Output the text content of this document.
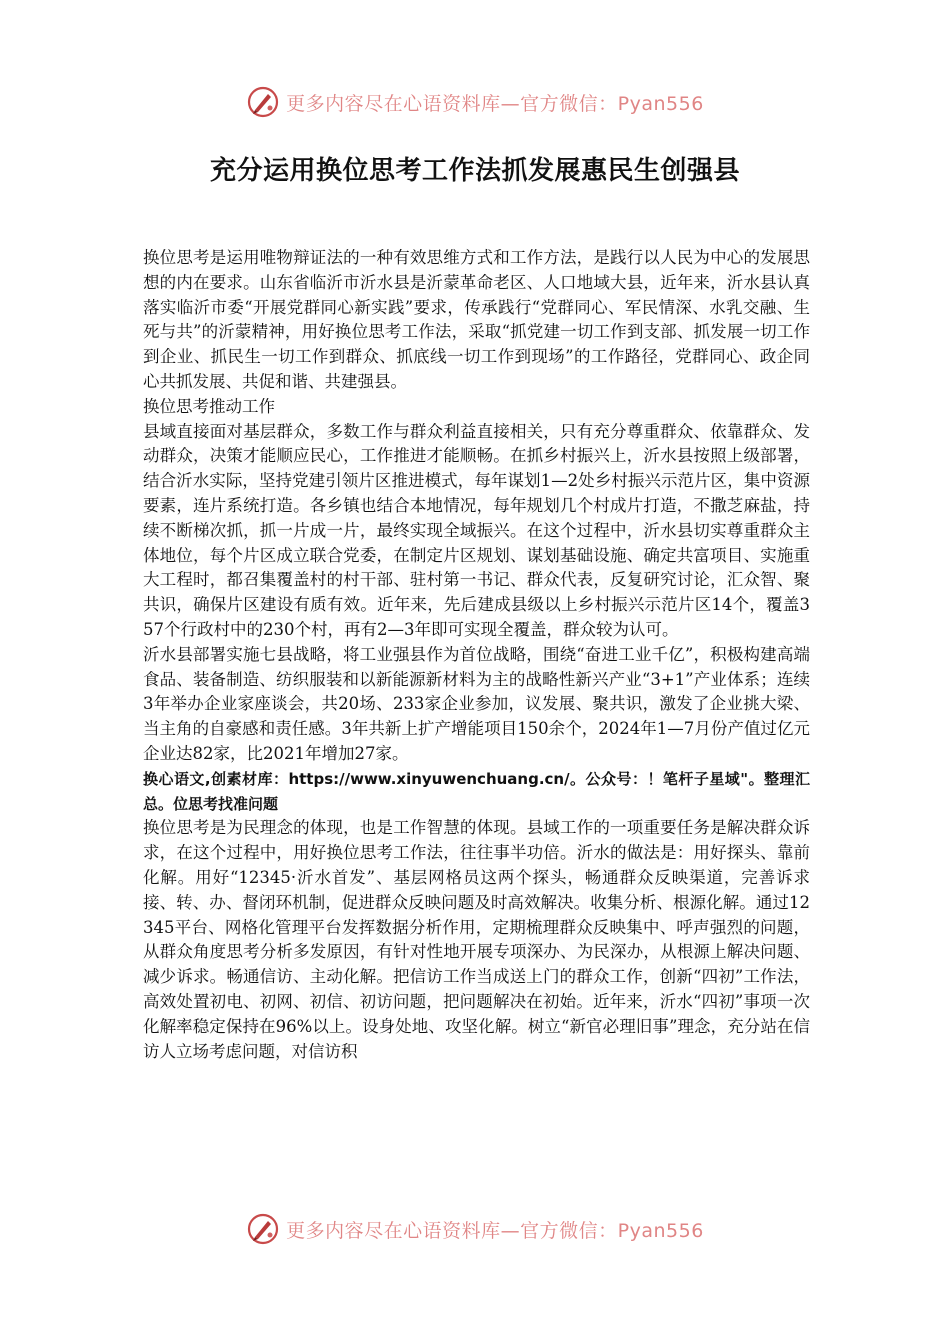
更多内容尽在心语资料库—官方微信：Pyan556
充分运用换位思考工作法抓发展惠民生创强县

换位思考是运用唯物辩证法的一种有效思维方式和工作方法，是践行以人民为中心的发展思想的内在要求。山东省临沂市沂水县是沂蒙革命老区、人口地域大县，近年来，沂水县认真落实临沂市委“开展党群同心新实践”要求，传承践行“党群同心、军民情深、水乳交融、生死与共”的沂蒙精神，用好换位思考工作法，采取“抓党建一切工作到支部、抓发展一切工作到企业、抓民生一切工作到群众、抓底线一切工作到现场”的工作路径，党群同心、政企同心共抓发展、共促和谐、共建强县。

换位思考推动工作

县域直接面对基层群众，多数工作与群众利益直接相关，只有充分尊重群众、依靠群众、发动群众，决策才能顺应民心，工作推进才能顺畅。在抓乡村振兴上，沂水县按照上级部署，结合沂水实际，坚持党建引领片区推进模式，每年谋划1—2处乡村振兴示范片区，集中资源要素，连片系统打造。各乡镇也结合本地情况，每年规划几个村成片打造，不撒芝麻盐，持续不断梯次抓，抓一片成一片，最终实现全域振兴。在这个过程中，沂水县切实尊重群众主体地位，每个片区成立联合党委，在制定片区规划、谋划基础设施、确定共富项目、实施重大工程时，都召集覆盖村的村干部、驻村第一书记、群众代表，反复研究讨论，汇众智、聚共识，确保片区建设有质有效。近年来，先后建成县级以上乡村振兴示范片区14个，覆盖357个行政村中的230个村，再有2—3年即可实现全覆盖，群众较为认可。

沂水县部署实施七县战略，将工业强县作为首位战略，围绕“奋进工业千亿”，积极构建高端食品、装备制造、纺织服装和以新能源新材料为主的战略性新兴产业“3+1”产业体系；连续3年举办企业家座谈会，共20场、233家企业参加，议发展、聚共识，激发了企业挑大梁、当主角的自豪感和责任感。3年共新上扩产增能项目150余个，2024年1—7月份产值过亿元企业达82家，比2021年增加27家。

换心语文,创素材库：https://www.xinyuwenchuang.cn/。公众号：！笔杆子星域"。整理汇总。位思考找准问题

换位思考是为民理念的体现，也是工作智慧的体现。县域工作的一项重要任务是解决群众诉求，在这个过程中，用好换位思考工作法，往往事半功倍。沂水的做法是：用好探头、靠前化解。用好“12345·沂水首发”、基层网格员这两个探头，畅通群众反映渠道，完善诉求接、转、办、督闭环机制，促进群众反映问题及时高效解决。收集分析、根源化解。通过12345平台、网格化管理平台发挥数据分析作用，定期梳理群众反映集中、呼声强烈的问题，从群众角度思考分析多发原因，有针对性地开展专项深办、为民深办，从根源上解决问题、减少诉求。畅通信访、主动化解。把信访工作当成送上门的群众工作，创新“四初”工作法，高效处置初电、初网、初信、初访问题，把问题解决在初始。近年来，沂水“四初”事项一次化解率稳定保持在96%以上。设身处地、攻坚化解。树立“新官必理旧事”理念，充分站在信访人立场考虑问题，对信访积

更多内容尽在心语资料库—官方微信：Pyan556
